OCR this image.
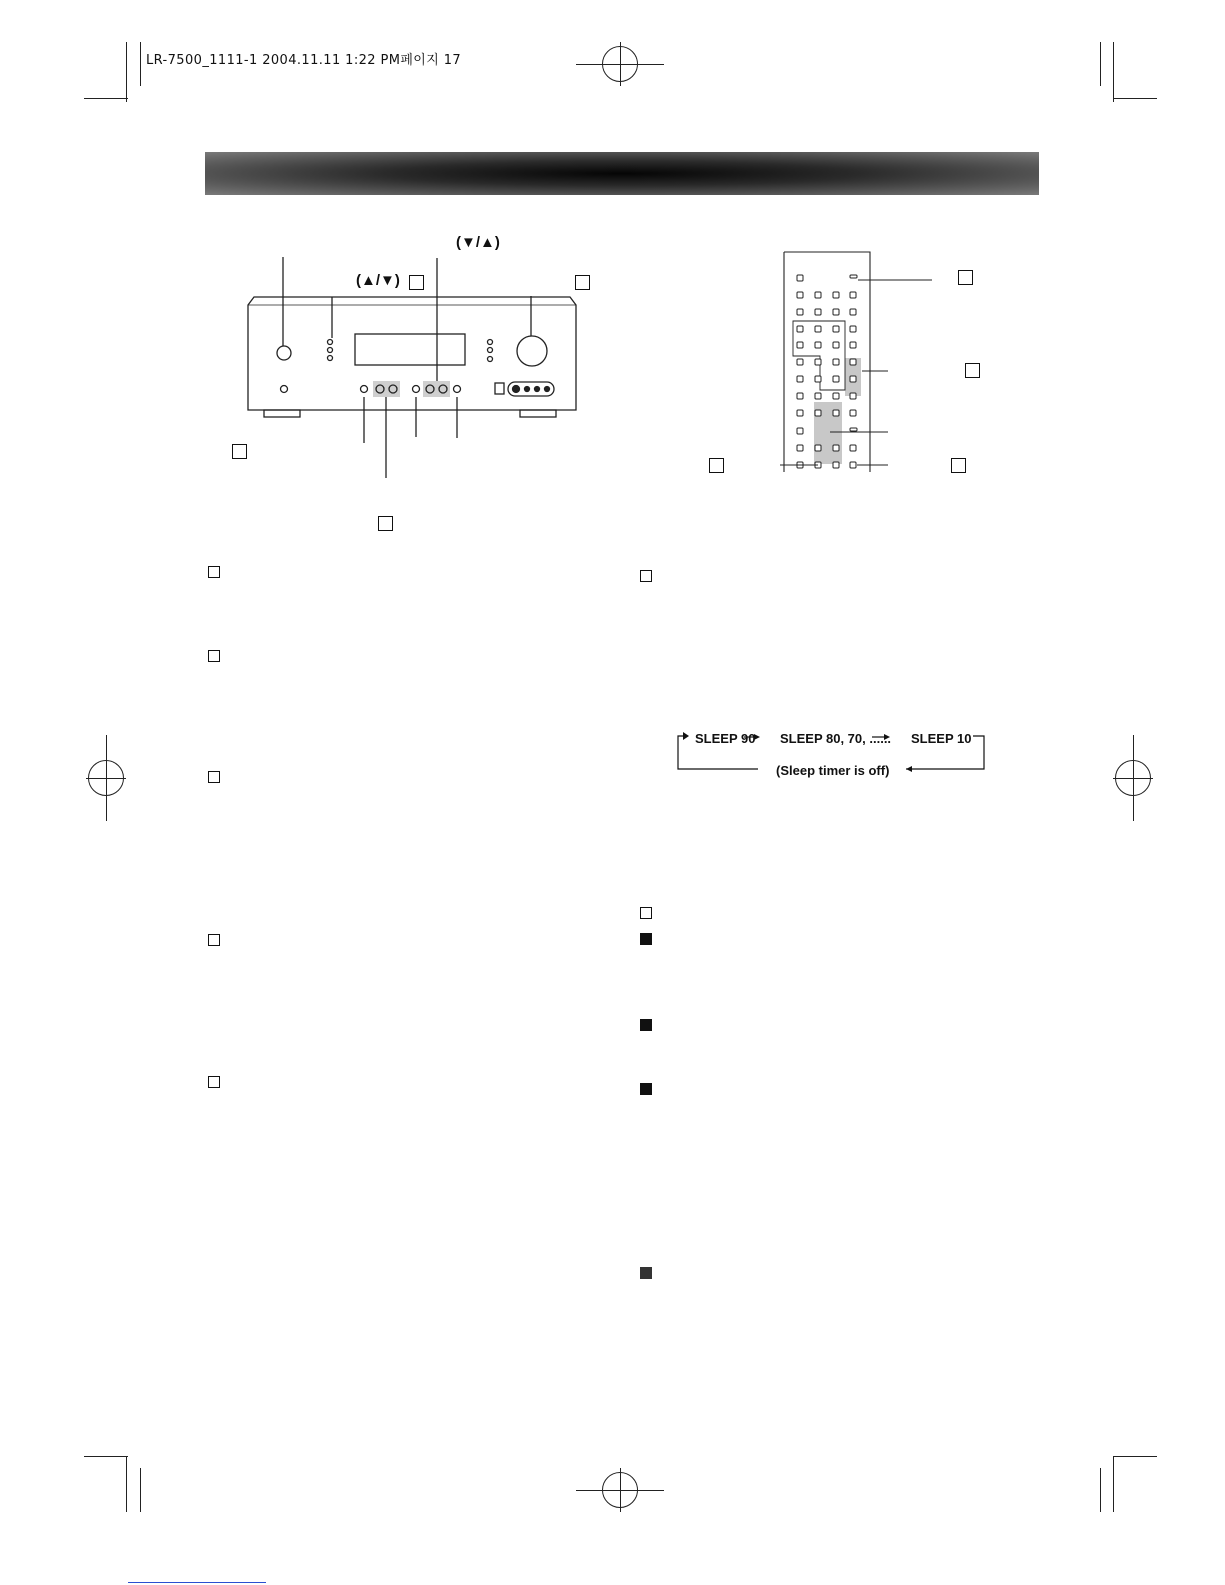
LR-7500_1111-1 2004.11.11 1:22 PM페이지 17
(▲/▼)
(▼/▲)
SLEEP 90 SLEEP 80, 70, ...... SLEEP 10
(Sleep timer is off)
